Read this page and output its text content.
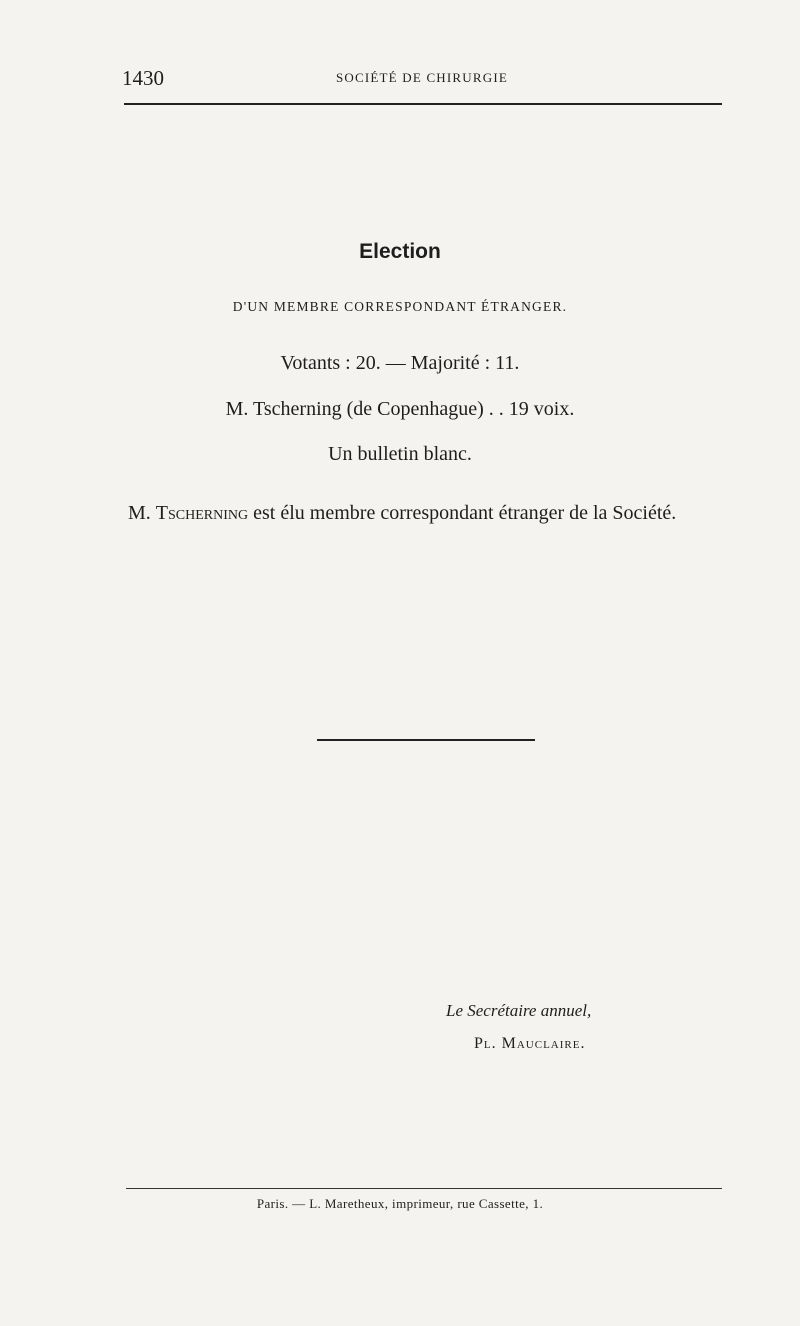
1430	SOCIÉTÉ DE CHIRURGIE
Election
D'UN MEMBRE CORRESPONDANT ÉTRANGER.
Votants : 20. — Majorité : 11.
M. Tscherning (de Copenhague) . . 19 voix.
Un bulletin blanc.

M. Tscherning est élu membre correspondant étranger de la Société.

Le Secrétaire annuel,
Pl. Mauclaire.
Paris. — L. Maretheux, imprimeur, rue Cassette, 1.
